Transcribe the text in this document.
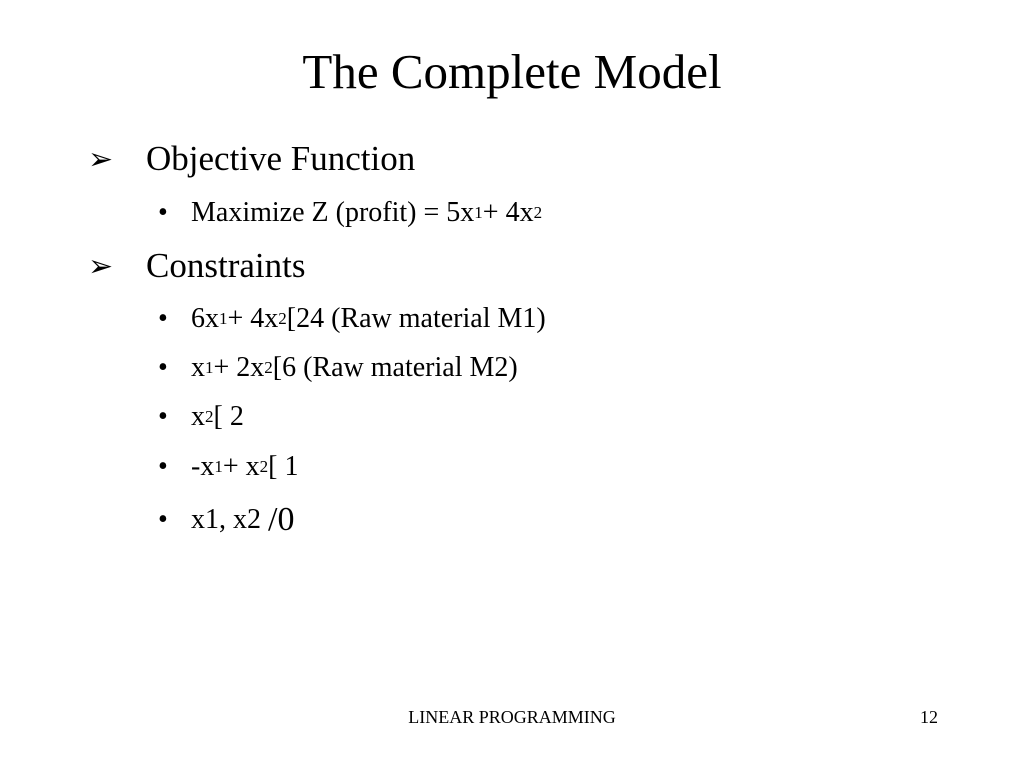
The Complete Model
➢ Objective Function
• Maximize Z (profit) = 5x 1 + 4x 2
➢ Constraints
• 6x 1 + 4x 2 [24 (Raw material M1)
• x 1 + 2x 2 [6 (Raw material M2)
• x 2 [ 2
• -x 1 + x 2 [ 1
• x1, x2 /0
LINEAR PROGRAMMING	12
